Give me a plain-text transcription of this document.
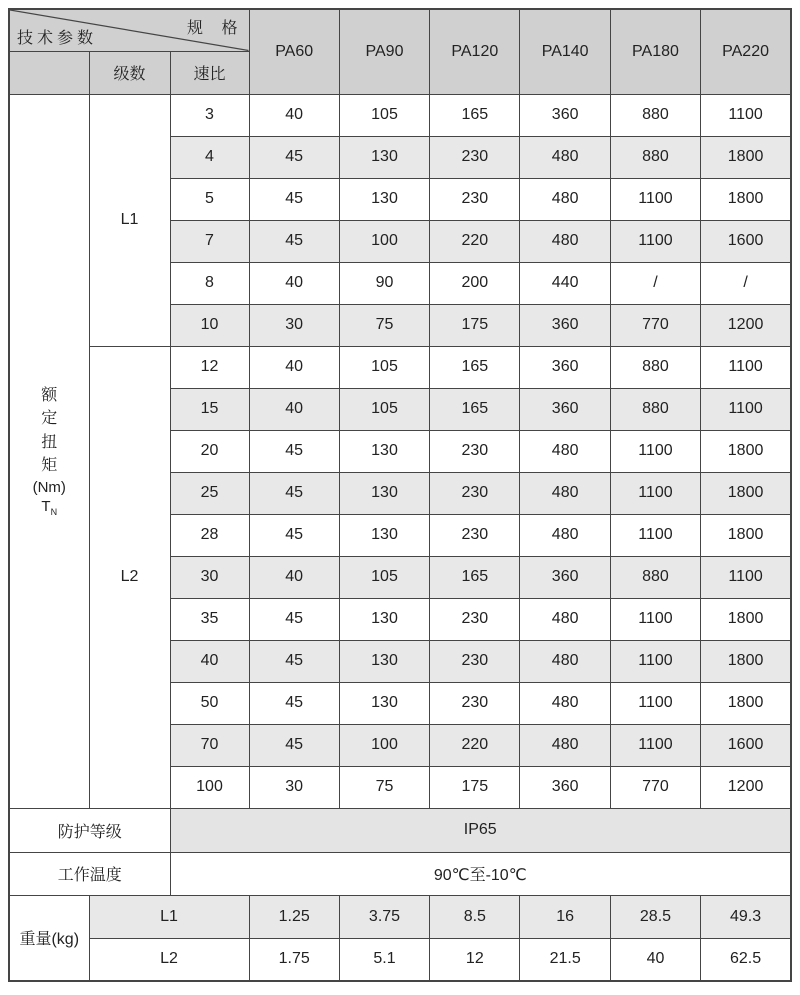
规 格
技术参数			PA60	PA90	PA120	PA140	PA180	PA220
	级数	速比						

额定扭矩
(Nm)
$T_N$	L1	3	40	105	165	360	880	1100
		4	45	130	230	480	880	1800
		5	45	130	230	480	1100	1800
		7	45	100	220	480	1100	1600
		8	40	90	200	440	/	/
		10	30	75	175	360	770	1200
	L2	12	40	105	165	360	880	1100
		15	40	105	165	360	880	1100
		20	45	130	230	480	1100	1800
		25	45	130	230	480	1100	1800
		28	45	130	230	480	1100	1800
		30	40	105	165	360	880	1100
		35	45	130	230	480	1100	1800
		40	45	130	230	480	1100	1800
		50	45	130	230	480	1100	1800
		70	45	100	220	480	1100	1600
		100	30	75	175	360	770	1200
防护等级		IP65						
工作温度		90℃至-10℃						
重量(kg)	L1		1.25	3.75	8.5	16	28.5	49.3
	L2		1.75	5.1	12	21.5	40	62.5
